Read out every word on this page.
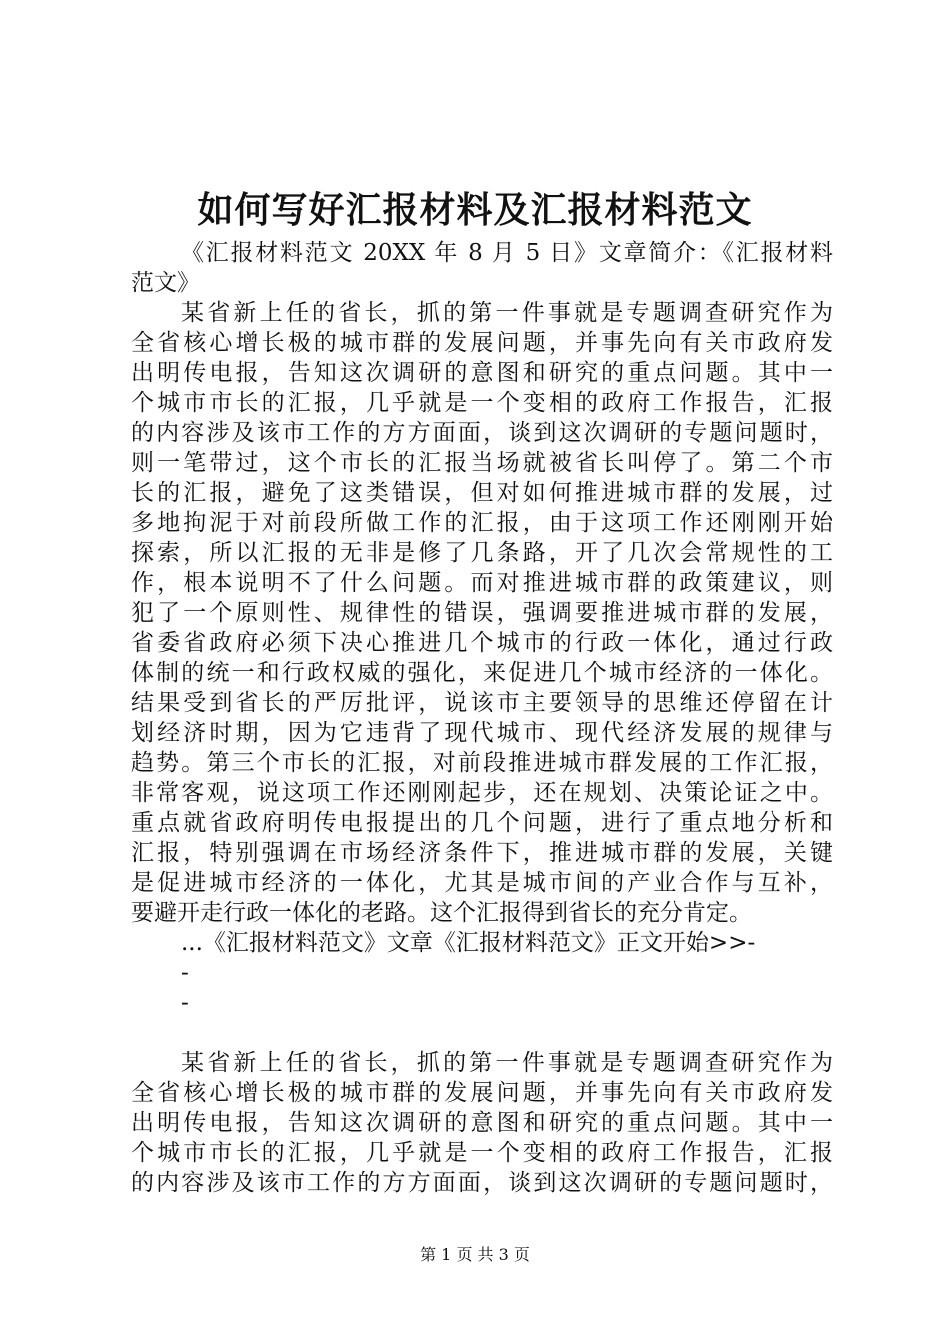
如何写好汇报材料及汇报材料范文
《汇报材料范文 20XX 年 8 月 5 日》文章简介：《汇报材料
范文》
某省新上任的省长，抓的第一件事就是专题调查研究作为
全省核心增长极的城市群的发展问题，并事先向有关市政府发
出明传电报，告知这次调研的意图和研究的重点问题。其中一
个城市市长的汇报，几乎就是一个变相的政府工作报告，汇报
的内容涉及该市工作的方方面面，谈到这次调研的专题问题时，
则一笔带过，这个市长的汇报当场就被省长叫停了。第二个市
长的汇报，避免了这类错误，但对如何推进城市群的发展，过
多地拘泥于对前段所做工作的汇报，由于这项工作还刚刚开始
探索，所以汇报的无非是修了几条路，开了几次会常规性的工
作，根本说明不了什么问题。而对推进城市群的政策建议，则
犯了一个原则性、规律性的错误，强调要推进城市群的发展，
省委省政府必须下决心推进几个城市的行政一体化，通过行政
体制的统一和行政权威的强化，来促进几个城市经济的一体化。
结果受到省长的严厉批评，说该市主要领导的思维还停留在计
划经济时期，因为它违背了现代城市、现代经济发展的规律与
趋势。第三个市长的汇报，对前段推进城市群发展的工作汇报，
非常客观，说这项工作还刚刚起步，还在规划、决策论证之中。
重点就省政府明传电报提出的几个问题，进行了重点地分析和
汇报，特别强调在市场经济条件下，推进城市群的发展，关键
是促进城市经济的一体化，尤其是城市间的产业合作与互补，
要避开走行政一体化的老路。这个汇报得到省长的充分肯定。
...《汇报材料范文》文章《汇报材料范文》正文开始>>-
-
-
某省新上任的省长，抓的第一件事就是专题调查研究作为
全省核心增长极的城市群的发展问题，并事先向有关市政府发
出明传电报，告知这次调研的意图和研究的重点问题。其中一
个城市市长的汇报，几乎就是一个变相的政府工作报告，汇报
的内容涉及该市工作的方方面面，谈到这次调研的专题问题时，
第 1 页 共 3 页
